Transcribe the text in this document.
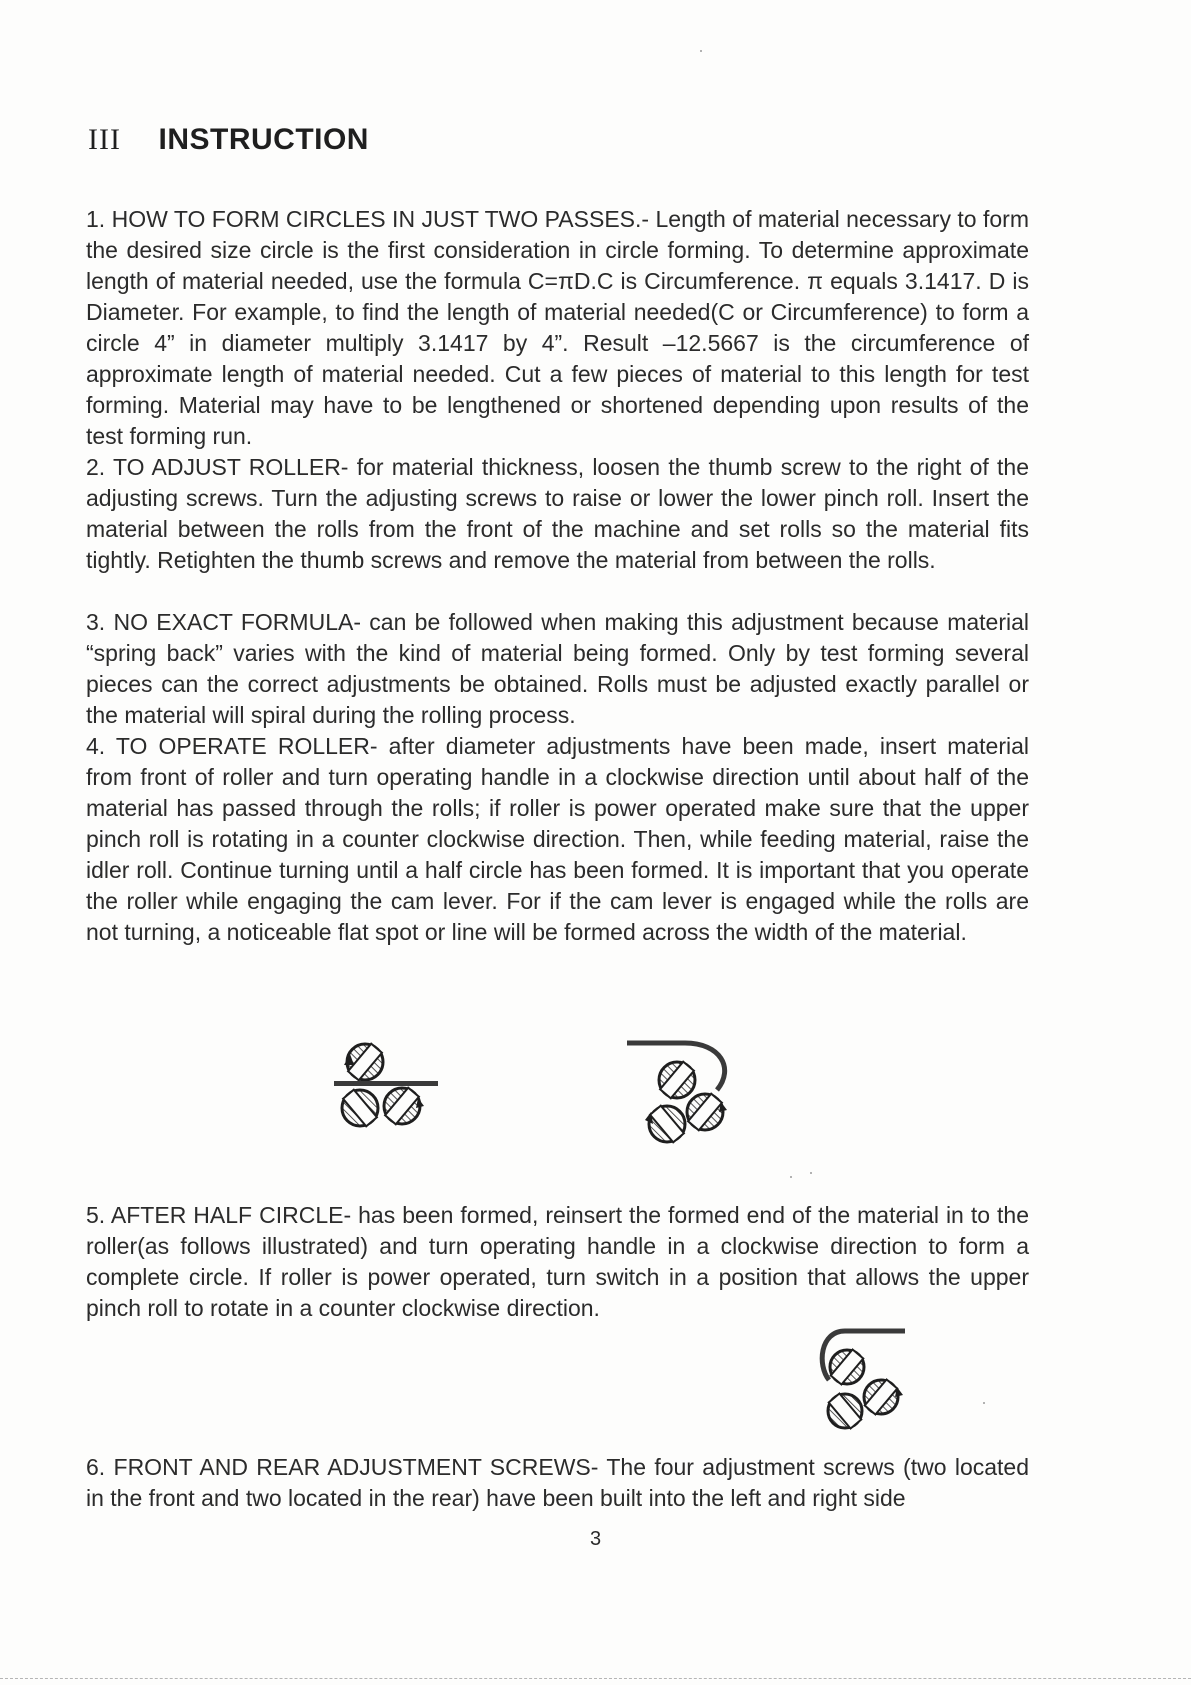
III INSTRUCTION

1. HOW TO FORM CIRCLES IN JUST TWO PASSES.- Length of material necessary to form the desired size circle is the first consideration in circle forming. To determine approximate length of material needed, use the formula C=πD.C is Circumference. π equals 3.1417. D is Diameter. For example, to find the length of material needed(C or Circumference) to form a circle 4” in diameter multiply 3.1417 by 4”. Result –12.5667 is the circumference of approximate length of material needed. Cut a few pieces of material to this length for test forming. Material may have to be lengthened or shortened depending upon results of the test forming run.

2. TO ADJUST ROLLER- for material thickness, loosen the thumb screw to the right of the adjusting screws. Turn the adjusting screws to raise or lower the lower pinch roll. Insert the material between the rolls from the front of the machine and set rolls so the material fits tightly. Retighten the thumb screws and remove the material from between the rolls.

3. NO EXACT FORMULA- can be followed when making this adjustment because material “spring back” varies with the kind of material being formed. Only by test forming several pieces can the correct adjustments be obtained. Rolls must be adjusted exactly parallel or the material will spiral during the rolling process.

4. TO OPERATE ROLLER- after diameter adjustments have been made, insert material from front of roller and turn operating handle in a clockwise direction until about half of the material has passed through the rolls; if roller is power operated make sure that the upper pinch roll is rotating in a counter clockwise direction. Then, while feeding material, raise the idler roll. Continue turning until a half circle has been formed. It is important that you operate the roller while engaging the cam lever. For if the cam lever is engaged while the rolls are not turning, a noticeable flat spot or line will be formed across the width of the material.

5. AFTER HALF CIRCLE- has been formed, reinsert the formed end of the material in to the roller(as follows illustrated) and turn operating handle in a clockwise direction to form a complete circle. If roller is power operated, turn switch in a position that allows the upper pinch roll to rotate in a counter clockwise direction.

6. FRONT AND REAR ADJUSTMENT SCREWS- The four adjustment screws (two located in the front and two located in the rear) have been built into the left and right side

3
